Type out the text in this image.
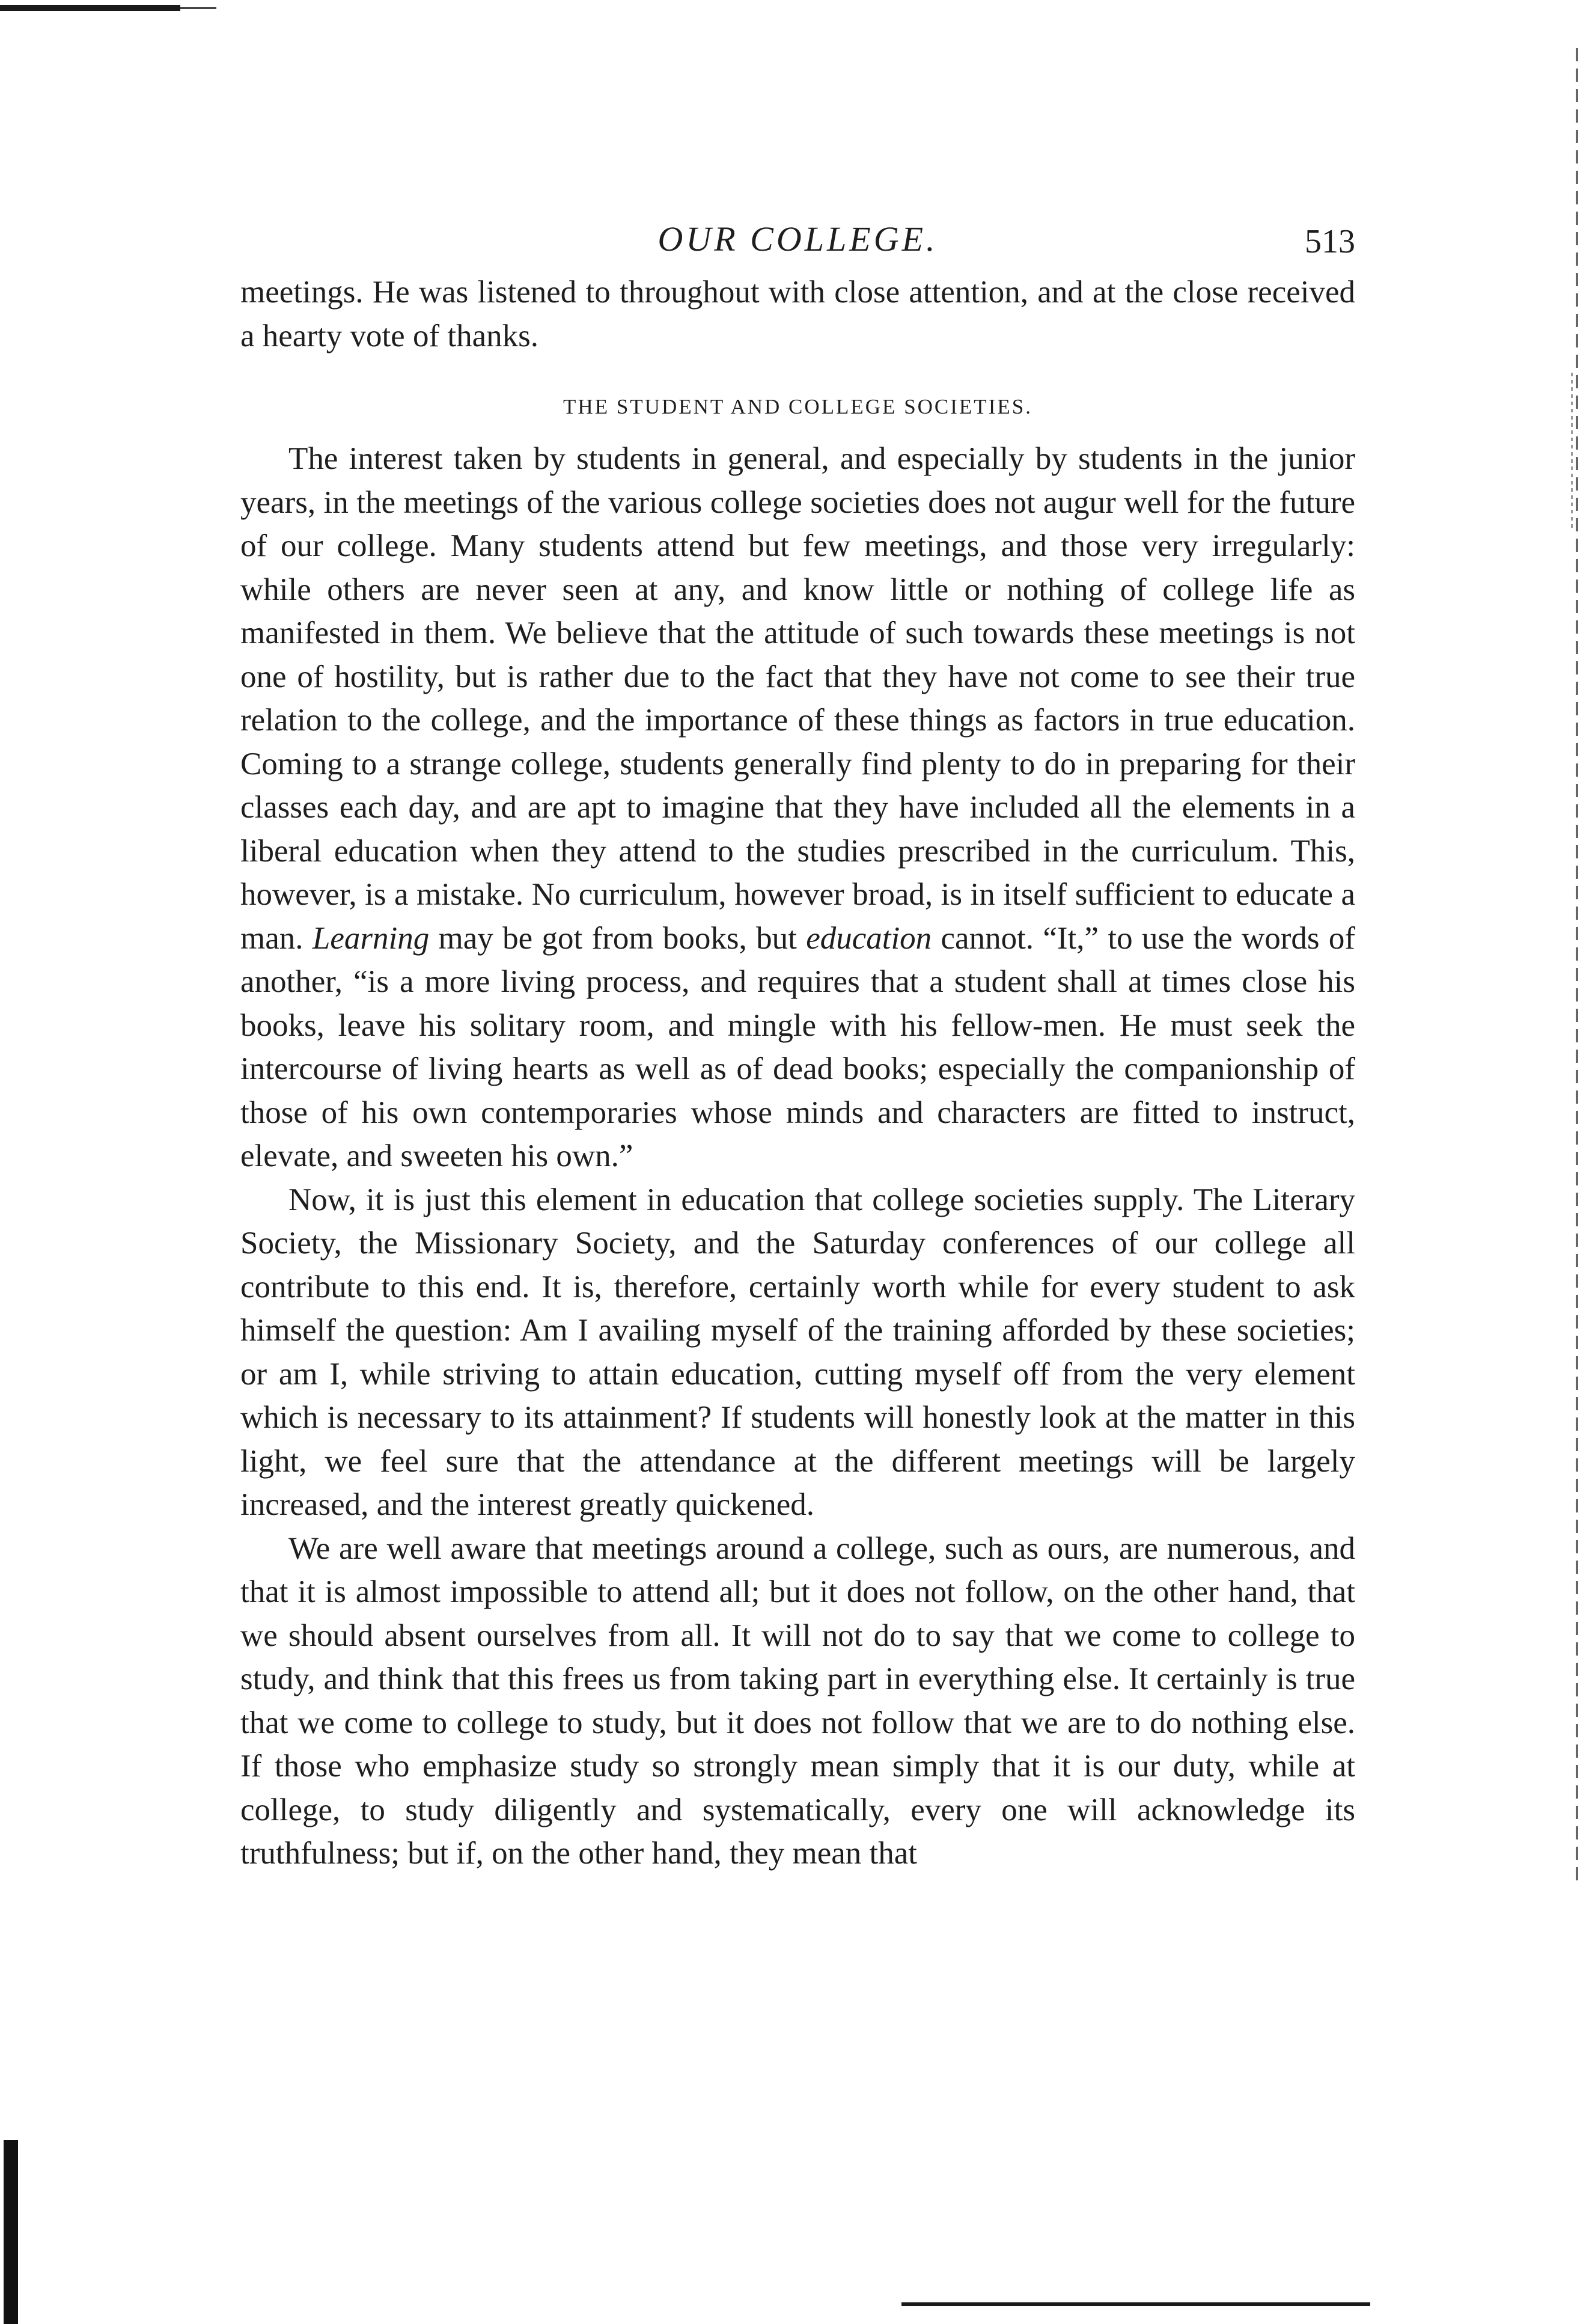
OUR COLLEGE.	513

meetings. He was listened to throughout with close attention, and at the close received a hearty vote of thanks.

THE STUDENT AND COLLEGE SOCIETIES.

The interest taken by students in general, and especially by students in the junior years, in the meetings of the various college societies does not augur well for the future of our college. Many students attend but few meetings, and those very irregularly: while others are never seen at any, and know little or nothing of college life as manifested in them. We believe that the attitude of such towards these meetings is not one of hostility, but is rather due to the fact that they have not come to see their true relation to the college, and the importance of these things as factors in true education. Coming to a strange college, students generally find plenty to do in preparing for their classes each day, and are apt to imagine that they have included all the elements in a liberal education when they attend to the studies prescribed in the curriculum. This, however, is a mistake. No curriculum, however broad, is in itself sufficient to educate a man. Learning may be got from books, but education cannot. “It,” to use the words of another, “is a more living process, and requires that a student shall at times close his books, leave his solitary room, and mingle with his fellow-men. He must seek the intercourse of living hearts as well as of dead books; especially the companionship of those of his own contemporaries whose minds and characters are fitted to instruct, elevate, and sweeten his own.”

Now, it is just this element in education that college societies supply. The Literary Society, the Missionary Society, and the Saturday conferences of our college all contribute to this end. It is, therefore, certainly worth while for every student to ask himself the question: Am I availing myself of the training afforded by these societies; or am I, while striving to attain education, cutting myself off from the very element which is necessary to its attainment? If students will honestly look at the matter in this light, we feel sure that the attendance at the different meetings will be largely increased, and the interest greatly quickened.

We are well aware that meetings around a college, such as ours, are numerous, and that it is almost impossible to attend all; but it does not follow, on the other hand, that we should absent ourselves from all. It will not do to say that we come to college to study, and think that this frees us from taking part in everything else. It certainly is true that we come to college to study, but it does not follow that we are to do nothing else. If those who emphasize study so strongly mean simply that it is our duty, while at college, to study diligently and systematically, every one will acknowledge its truthfulness; but if, on the other hand, they mean that
